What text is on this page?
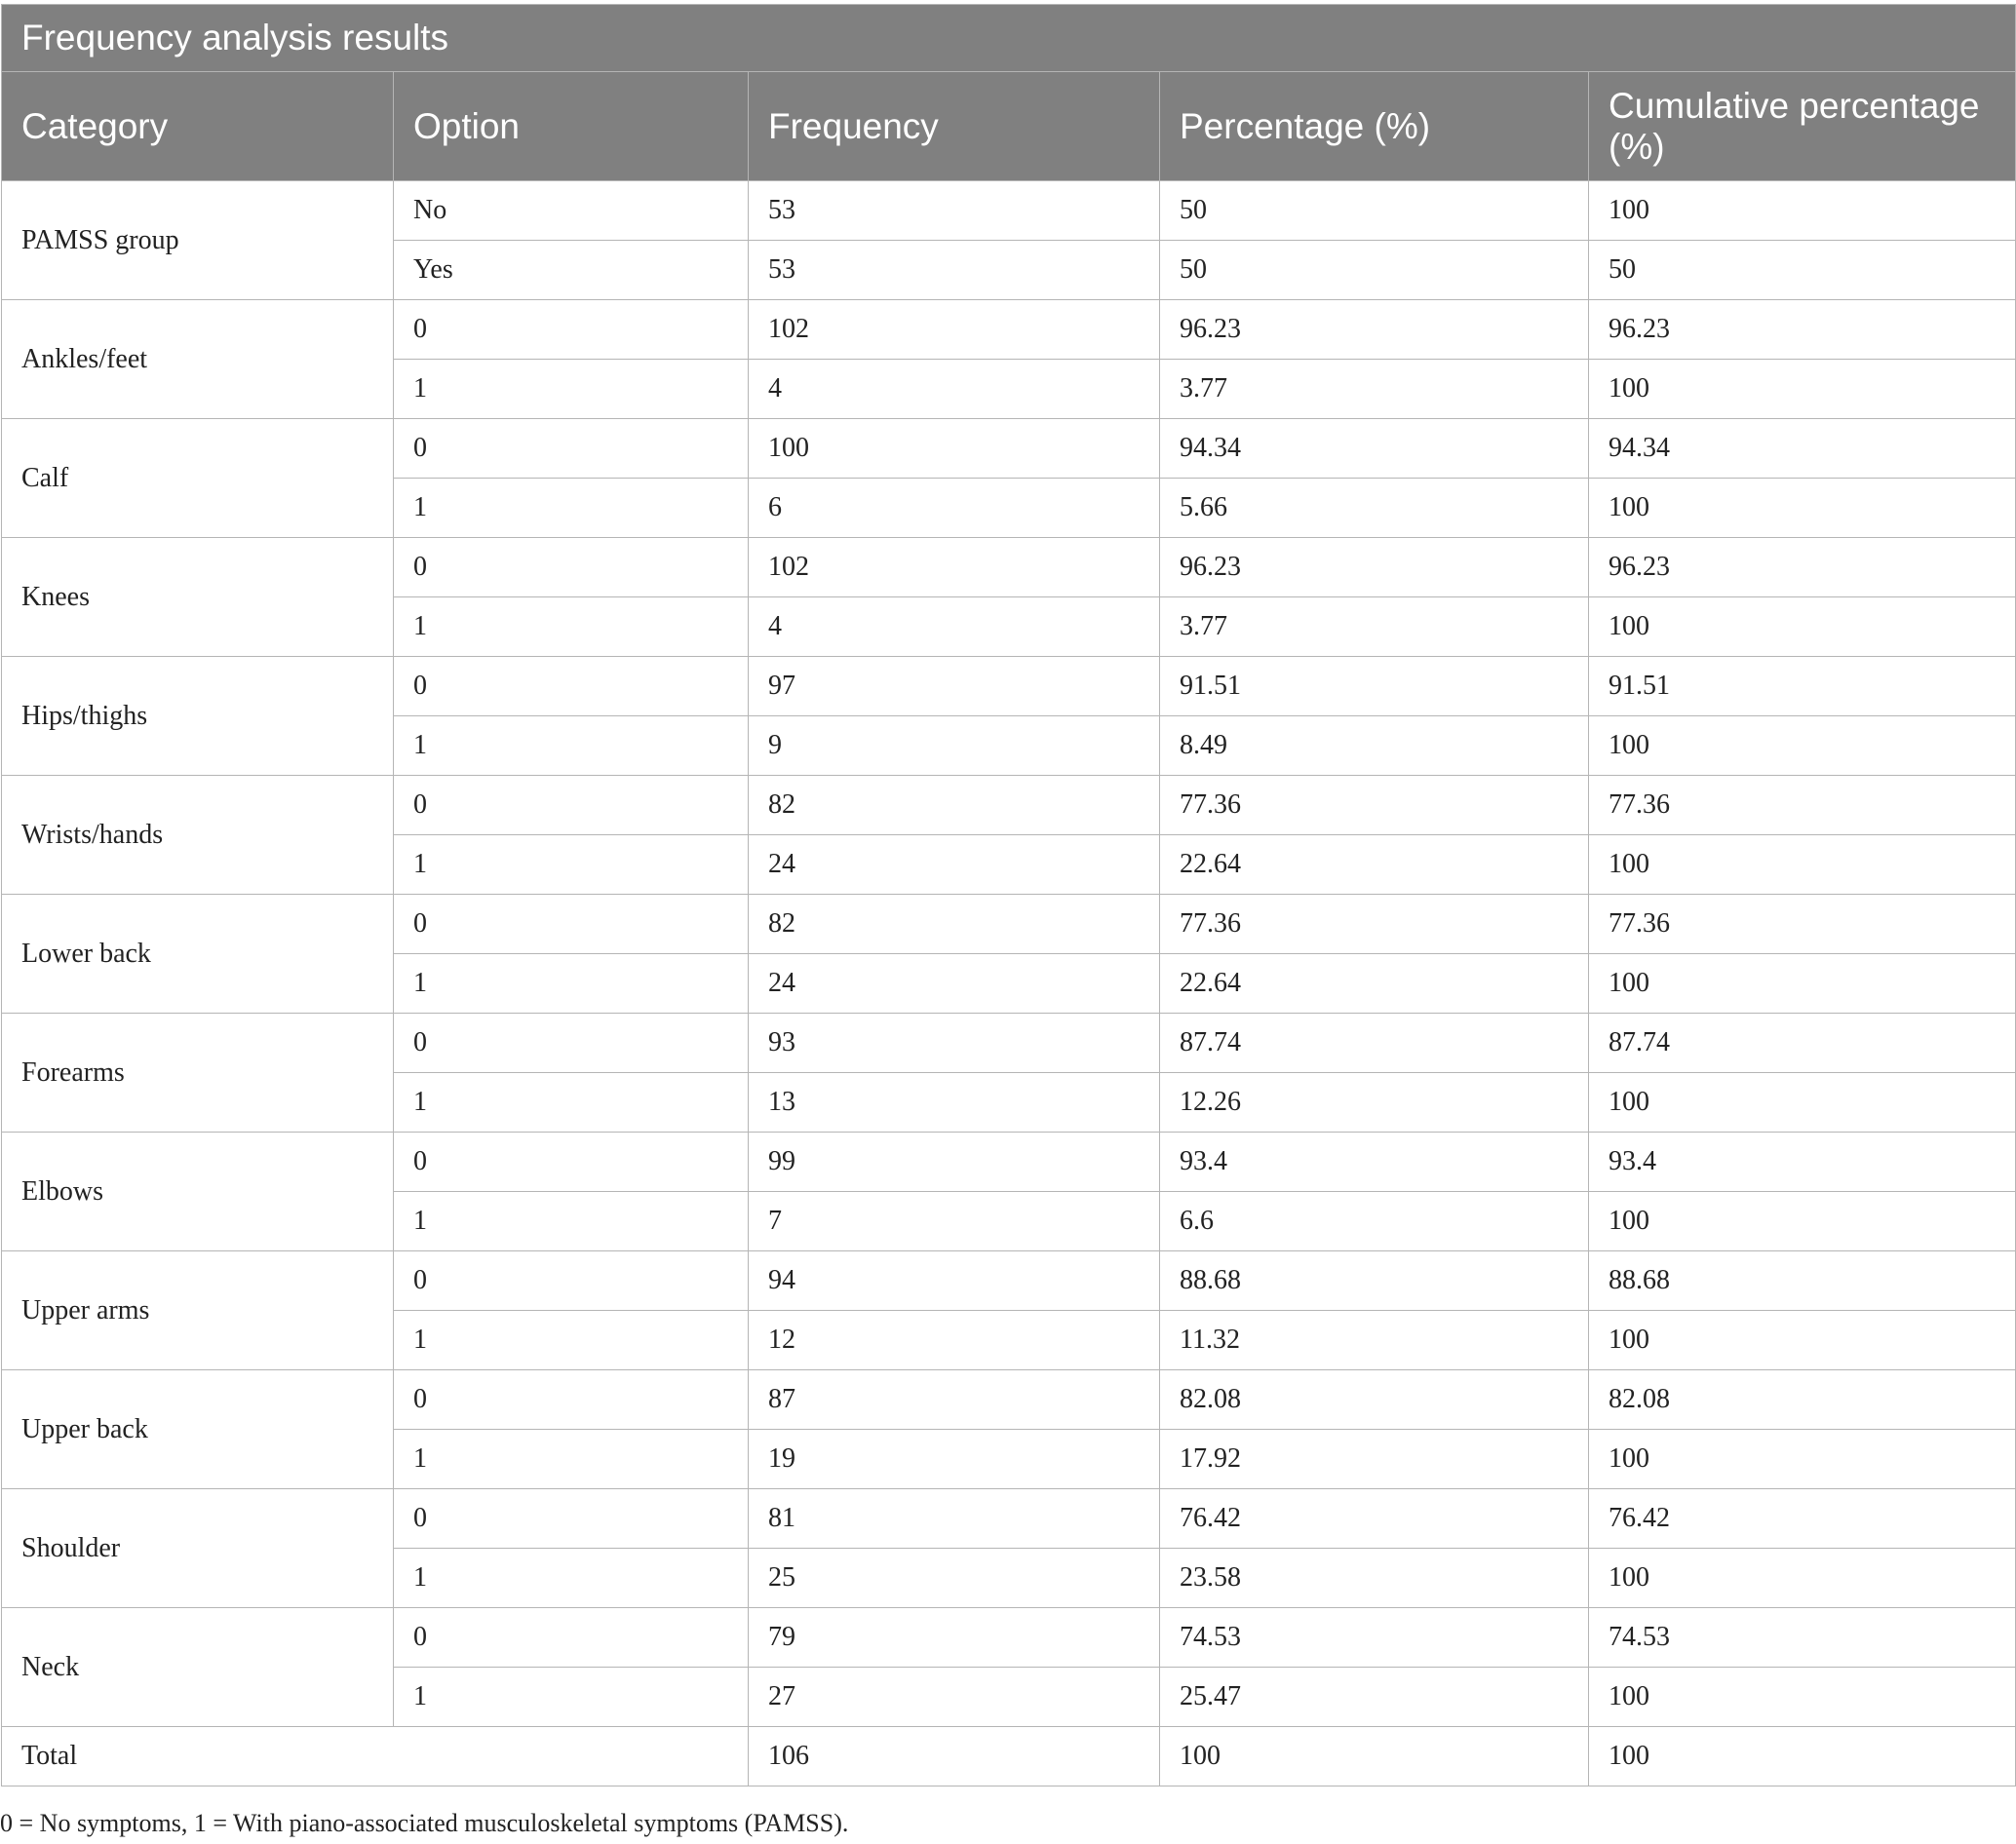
Frequency analysis results				
Category	Option	Frequency	Percentage (%)	Cumulative percentage (%)
PAMSS group	No	53	50	100
	Yes	53	50	50
Ankles/feet	0	102	96.23	96.23
	1	4	3.77	100
Calf	0	100	94.34	94.34
	1	6	5.66	100
Knees	0	102	96.23	96.23
	1	4	3.77	100
Hips/thighs	0	97	91.51	91.51
	1	9	8.49	100
Wrists/hands	0	82	77.36	77.36
	1	24	22.64	100
Lower back	0	82	77.36	77.36
	1	24	22.64	100
Forearms	0	93	87.74	87.74
	1	13	12.26	100
Elbows	0	99	93.4	93.4
	1	7	6.6	100
Upper arms	0	94	88.68	88.68
	1	12	11.32	100
Upper back	0	87	82.08	82.08
	1	19	17.92	100
Shoulder	0	81	76.42	76.42
	1	25	23.58	100
Neck	0	79	74.53	74.53
	1	27	25.47	100
Total		106	100	100

0 = No symptoms, 1 = With piano-associated musculoskeletal symptoms (PAMSS).
